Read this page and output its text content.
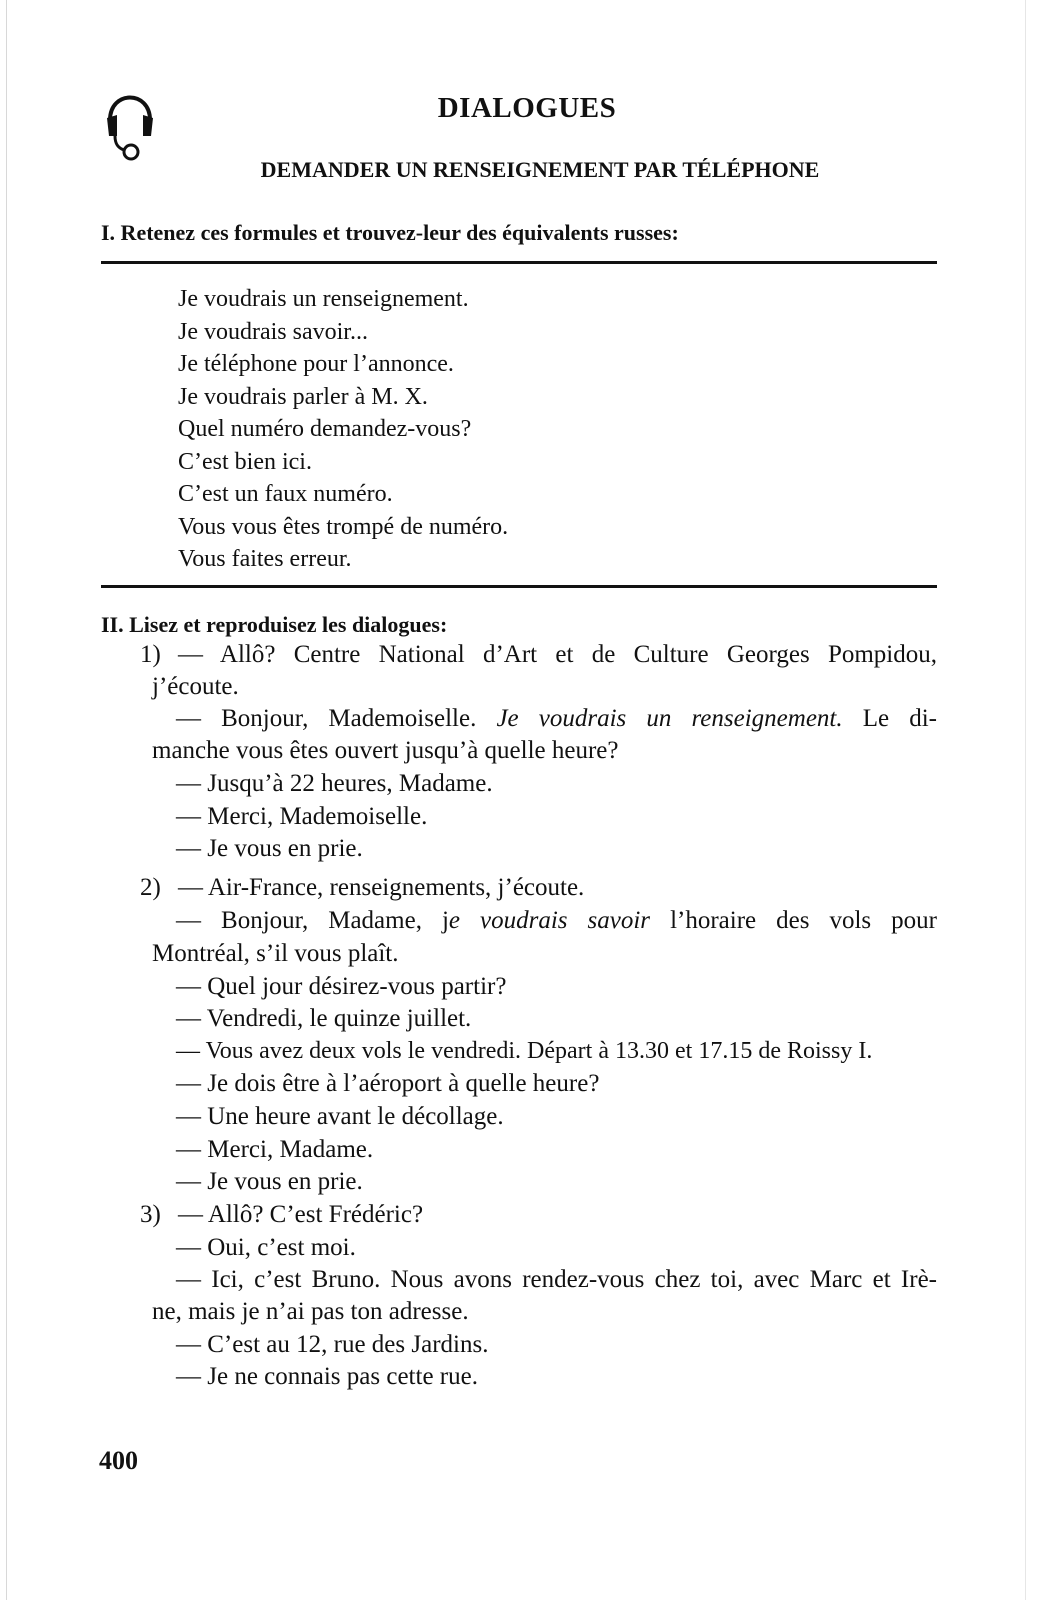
DIALOGUES
DEMANDER UN RENSEIGNEMENT PAR TÉLÉPHONE
I. Retenez ces formules et trouvez-leur des équivalents russes:
Je voudrais un renseignement.
Je voudrais savoir...
Je téléphone pour l’annonce.
Je voudrais parler à M. X.
Quel numéro demandez-vous?
C’est bien ici.
C’est un faux numéro.
Vous vous êtes trompé de numéro.
Vous faites erreur.
II. Lisez et reproduisez les dialogues:
1) — Allô? Centre National d’Art et de Culture Georges Pompidou,
j’écoute.
— Bonjour, Mademoiselle. Je voudrais un renseignement. Le di-
manche vous êtes ouvert jusqu’à quelle heure?
— Jusqu’à 22 heures, Madame.
— Merci, Mademoiselle.
— Je vous en prie.
2) — Air-France, renseignements, j’écoute.
— Bonjour, Madame, je voudrais savoir l’horaire des vols pour
Montréal, s’il vous plaît.
— Quel jour désirez-vous partir?
— Vendredi, le quinze juillet.
— Vous avez deux vols le vendredi. Départ à 13.30 et 17.15 de Roissy I.
— Je dois être à l’aéroport à quelle heure?
— Une heure avant le décollage.
— Merci, Madame.
— Je vous en prie.
3) — Allô? C’est Frédéric?
— Oui, c’est moi.
— Ici, c’est Bruno. Nous avons rendez-vous chez toi, avec Marc et Irè-
ne, mais je n’ai pas ton adresse.
— C’est au 12, rue des Jardins.
— Je ne connais pas cette rue.
400
